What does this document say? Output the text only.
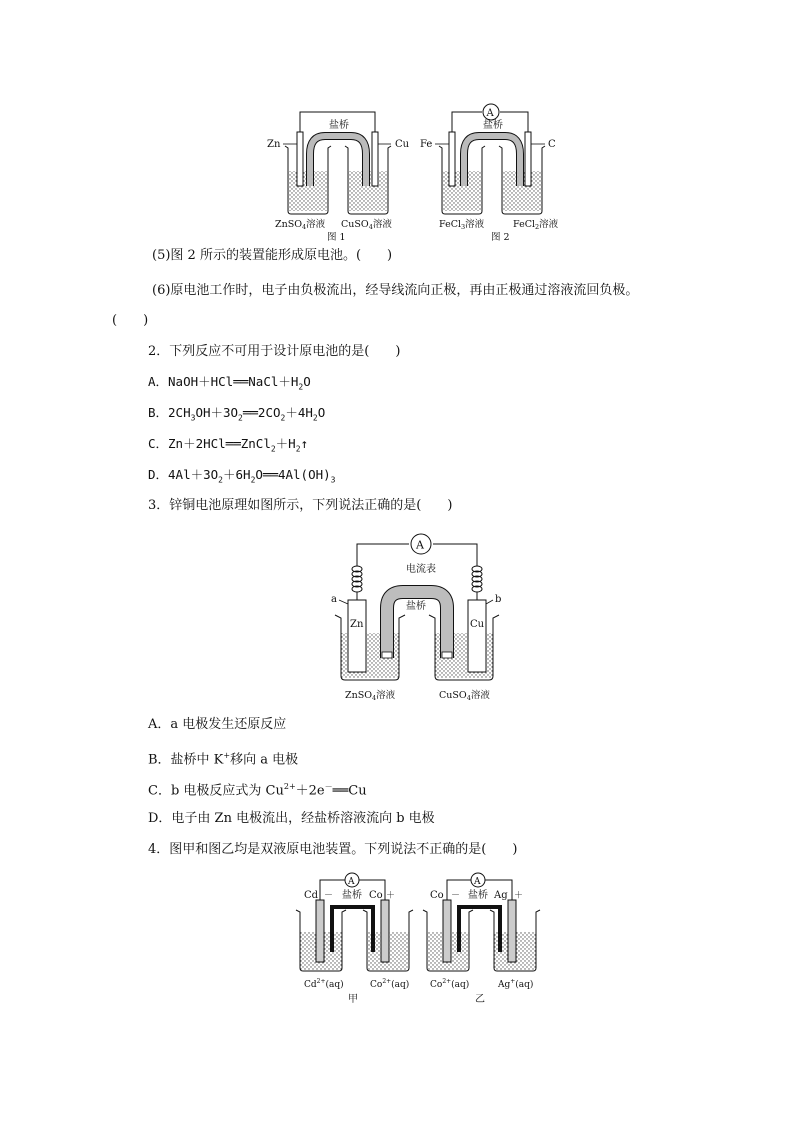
盐桥
Zn	Cu
ZnSO$_4$溶液 CuSO$_4$溶液
图 1
A
盐桥
Fe	C
FeCl$_3$溶液	FeCl$_2$溶液
图 2
(5)图 2 所示的装置能形成原电池。(　　)
(6)原电池工作时，电子由负极流出，经导线流向正极，再由正极通过溶液流回负极。
(　　)
2．下列反应不可用于设计原电池的是(　　)
A．$NaOH+HCl══NaCl+H_2O$
B．$2CH_3OH+3O_2══2CO_2+4H_2O$
C．$Zn+2HCl══ZnCl_2+H_2↑$
D．$4Al+3O_2+6H_2O══4Al(OH)_3$
3．锌铜电池原理如图所示，下列说法正确的是(　　)
A
电流表
Zn	Cu
盐桥
a	b
ZnSO$_4$溶液	CuSO$_4$溶液
A．a 电极发生还原反应
B．盐桥中 K+移向 a 电极
C．b 电极反应式为 $Cu^{2+}+2e^-══Cu$
D．电子由 Zn 电极流出，经盐桥溶液流向 b 电极
4．图甲和图乙均是双液原电池装置。下列说法不正确的是(　　)
A
盐桥
Cd －	Co ＋
$Cd^{2+}(aq)$	$Co^{2+}(aq)$
甲
A
盐桥
Co －	Ag ＋
$Co^{2+}(aq)$	Ag+(aq)
乙
